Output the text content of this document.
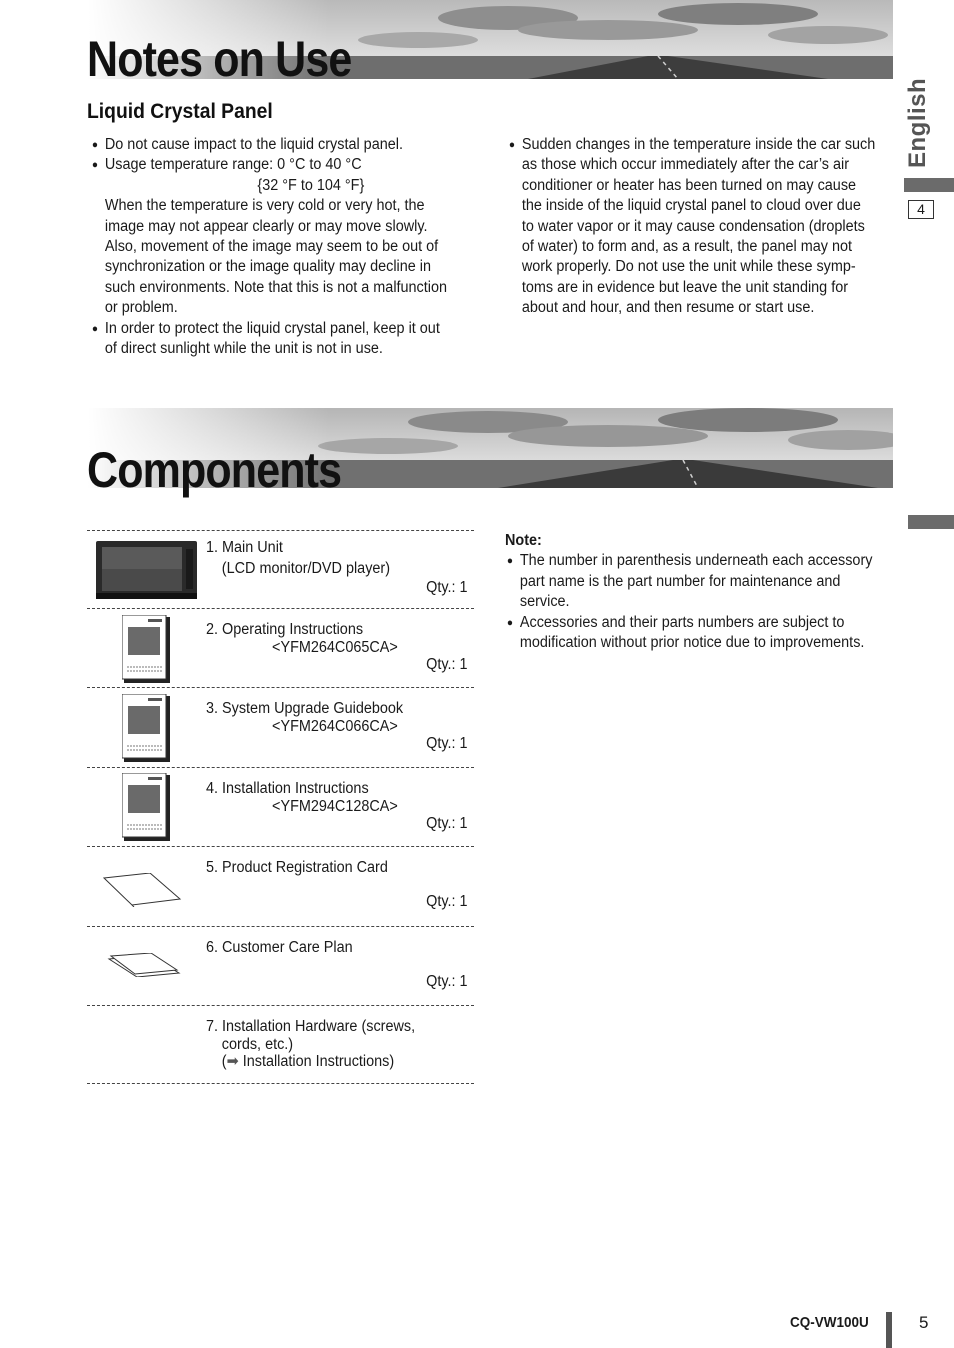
Notes on Use
Liquid Crystal Panel
● Do not cause impact to the liquid crystal panel.
● Usage temperature range: 0 °C to 40 °C
{32 °F to 104 °F}
When the temperature is very cold or very hot, the
image may not appear clearly or may move slowly.
Also, movement of the image may seem to be out of
synchronization or the image quality may decline in
such environments. Note that this is not a malfunction
or problem.
● In order to protect the liquid crystal panel, keep it out
of direct sunlight while the unit is not in use.
● Sudden changes in the temperature inside the car such
as those which occur immediately after the car’s air
conditioner or heater has been turned on may cause
the inside of the liquid crystal panel to cloud over due
to water vapor or it may cause condensation (droplets
of water) to form and, as a result, the panel may not
work properly. Do not use the unit while these symp-
toms are in evidence but leave the unit standing for
about and hour, and then resume or start use.
English
4
Components
1. Main Unit
(LCD monitor/DVD player)
Qty.: 1
2. Operating Instructions
<YFM264C065CA>
Qty.: 1
3. System Upgrade Guidebook
<YFM264C066CA>
Qty.: 1
4. Installation Instructions
<YFM294C128CA>
Qty.: 1
5. Product Registration Card
Qty.: 1
6. Customer Care Plan
Qty.: 1
7. Installation Hardware (screws,
cords, etc.)
(➡ Installation Instructions)
Note:
● The number in parenthesis underneath each accessory
part name is the part number for maintenance and
service.
● Accessories and their parts numbers are subject to
modification without prior notice due to improvements.
CQ-VW100U	5
